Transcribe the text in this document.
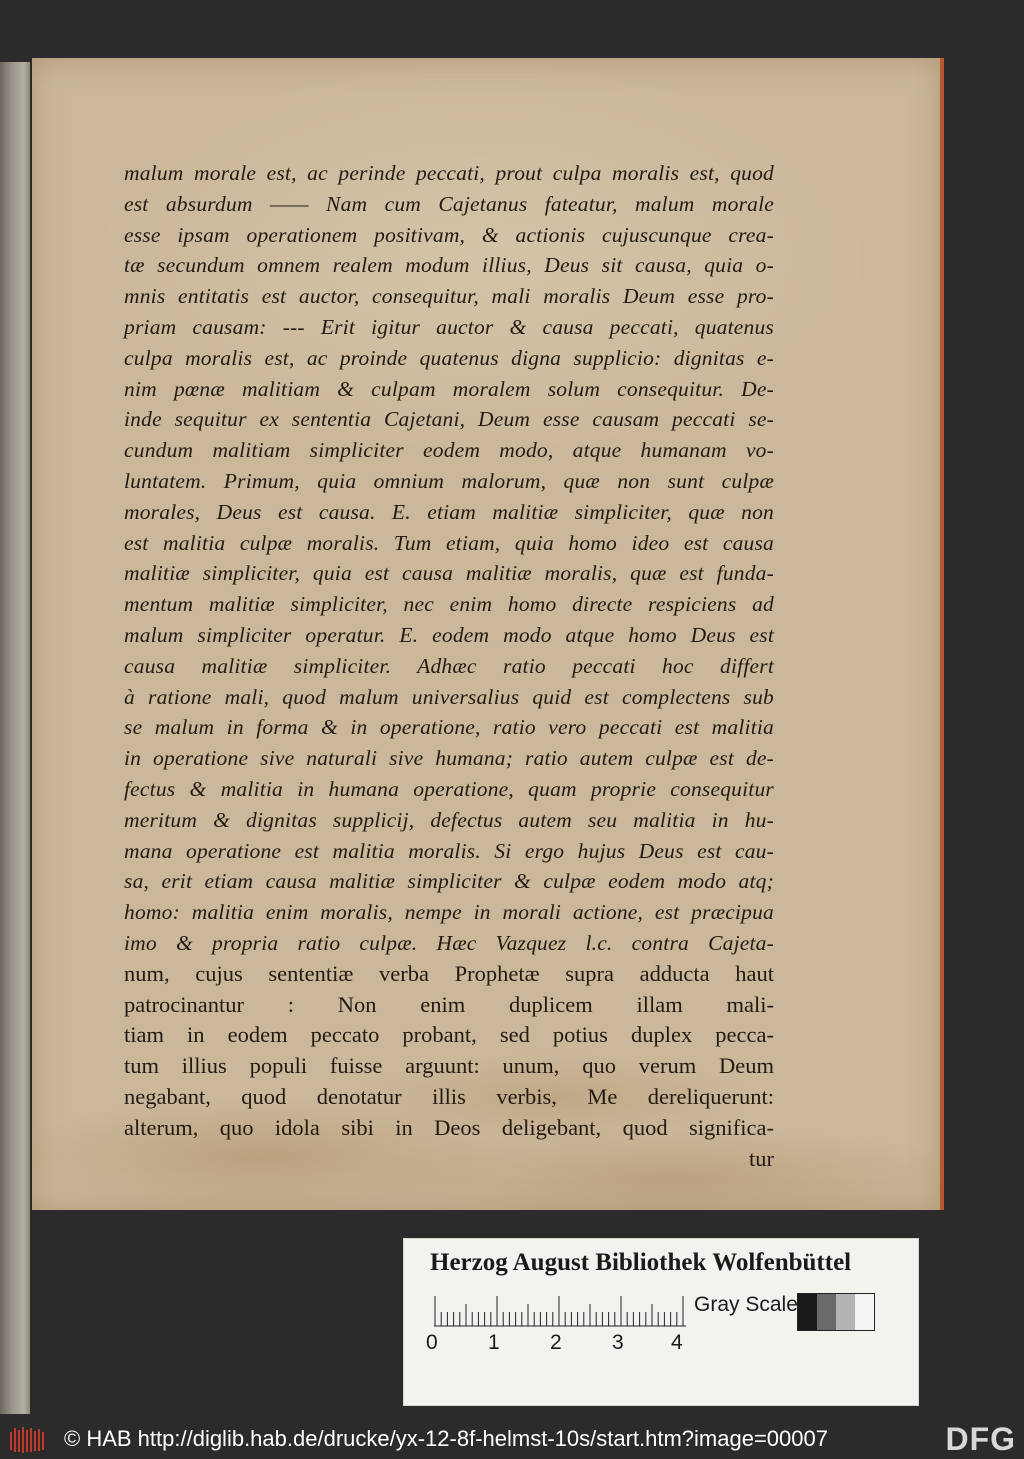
malum morale est, ac perinde peccati, prout culpa moralis est, quod
est absurdum —— Nam cum Cajetanus fateatur, malum morale
esse ipsam operationem positivam, & actionis cujuscunque crea-
tæ secundum omnem realem modum illius, Deus sit causa, quia o-
mnis entitatis est auctor, consequitur, mali moralis Deum esse pro-
priam causam: --- Erit igitur auctor & causa peccati, quatenus
culpa moralis est, ac proinde quatenus digna supplicio: dignitas e-
nim pœnæ malitiam & culpam moralem solum consequitur. De-
inde sequitur ex sententia Cajetani, Deum esse causam peccati se-
cundum malitiam simpliciter eodem modo, atque humanam vo-
luntatem. Primum, quia omnium malorum, quæ non sunt culpæ
morales, Deus est causa. E. etiam malitiæ simpliciter, quæ non
est malitia culpæ moralis. Tum etiam, quia homo ideo est causa
malitiæ simpliciter, quia est causa malitiæ moralis, quæ est funda-
mentum malitiæ simpliciter, nec enim homo directe respiciens ad
malum simpliciter operatur. E. eodem modo atque homo Deus est
causa malitiæ simpliciter. Adhæc ratio peccati hoc differt
à ratione mali, quod malum universalius quid est complectens sub
se malum in forma & in operatione, ratio vero peccati est malitia
in operatione sive naturali sive humana; ratio autem culpæ est de-
fectus & malitia in humana operatione, quam proprie consequitur
meritum & dignitas supplicij, defectus autem seu malitia in hu-
mana operatione est malitia moralis. Si ergo hujus Deus est cau-
sa, erit etiam causa malitiæ simpliciter & culpæ eodem modo atq;
homo: malitia enim moralis, nempe in morali actione, est præcipua
imo & propria ratio culpæ. Hæc Vazquez l.c. contra Cajeta-
num, cujus sententiæ verba Prophetæ supra adducta haut
patrocinantur : Non enim duplicem illam mali-
tiam in eodem peccato probant, sed potius duplex pecca-
tum illius populi fuisse arguunt: unum, quo verum Deum
negabant, quod denotatur illis verbis, Me dereliquerunt:
alterum, quo idola sibi in Deos deligebant, quod significa-
tur
Herzog August Bibliothek Wolfenbüttel
0 1 2 3 4
Gray Scale
© HAB http://diglib.hab.de/drucke/yx-12-8f-helmst-10s/start.htm?image=00007	DFG
